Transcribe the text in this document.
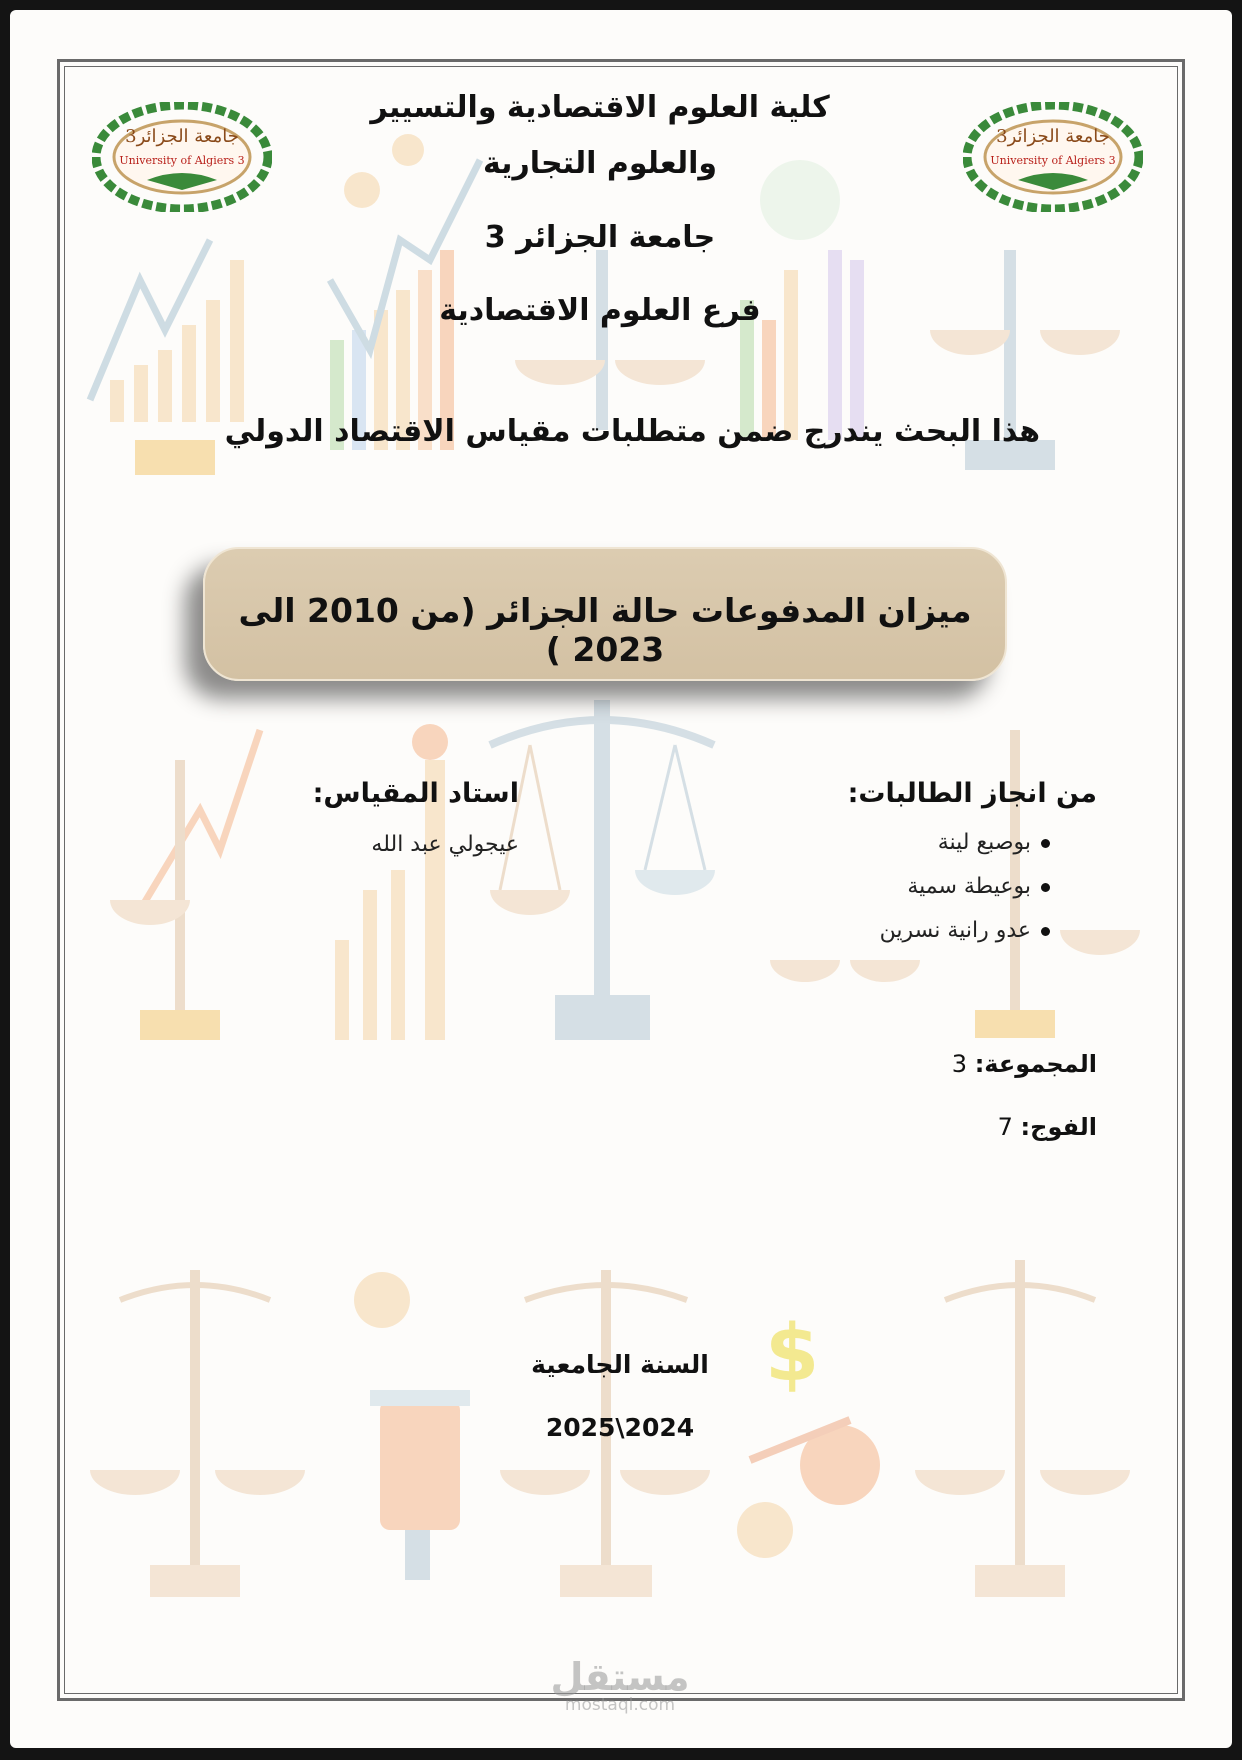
$
جامعة الجزائر3
University of Algiers 3
جامعة الجزائر3
University of Algiers 3
كلية العلوم الاقتصادية والتسيير
والعلوم التجارية
جامعة الجزائر 3
فرع العلوم الاقتصادية
هذا البحث يندرج ضمن متطلبات مقياس الاقتصاد الدولي
ميزان المدفوعات حالة الجزائر (من 2010 الى 2023 )
من انجاز الطالبات:
بوصبع لينة
بوعيطة سمية
عدو رانية نسرين
استاد المقياس:
عيجولي عبد الله
المجموعة: 3
الفوج: 7
السنة الجامعية
2025\2024
مستقل
mostaql.com
